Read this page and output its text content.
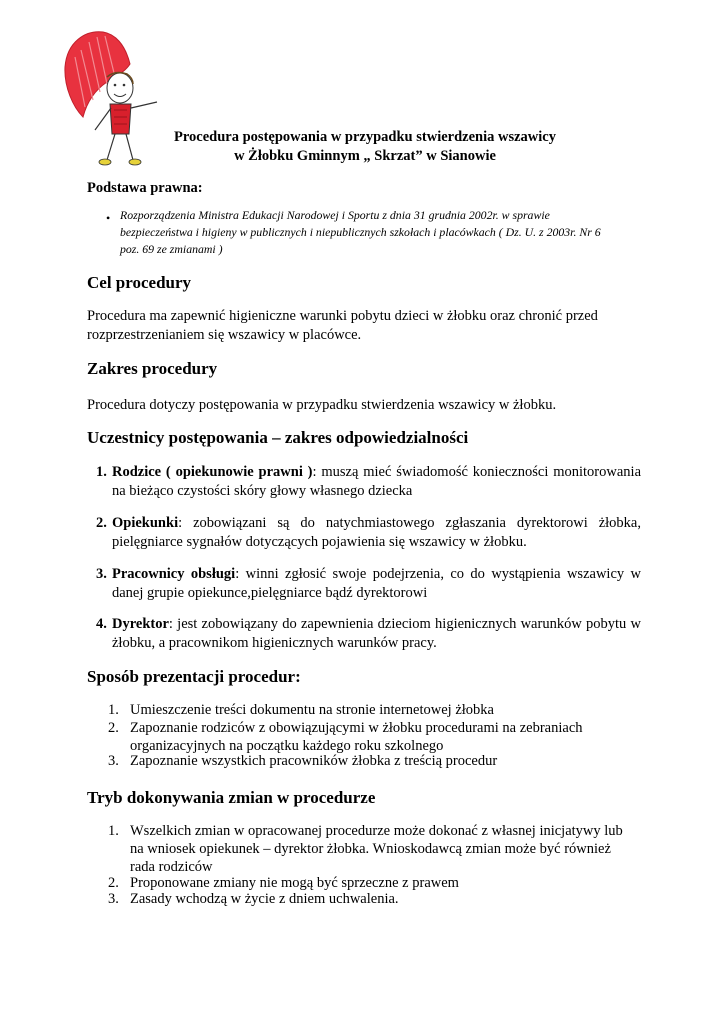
Procedura postępowania w przypadku stwierdzenia wszawicy
w Żłobku Gminnym „ Skrzat” w Sianowie
Podstawa prawna:
• Rozporządzenia Ministra Edukacji Narodowej i Sportu z dnia 31 grudnia 2002r. w sprawie bezpieczeństwa i higieny w publicznych i niepublicznych szkołach i placówkach ( Dz. U. z 2003r. Nr 6 poz. 69 ze zmianami )
Cel procedury
Procedura ma zapewnić higieniczne warunki pobytu dzieci w żłobku oraz chronić przed rozprzestrzenianiem się wszawicy w placówce.
Zakres procedury
Procedura dotyczy postępowania w przypadku stwierdzenia wszawicy w żłobku.
Uczestnicy postępowania – zakres odpowiedzialności
1. Rodzice ( opiekunowie prawni ): muszą mieć świadomość konieczności monitorowania na bieżąco czystości skóry głowy własnego dziecka
2. Opiekunki: zobowiązani są do natychmiastowego zgłaszania dyrektorowi żłobka, pielęgniarce sygnałów dotyczących pojawienia się wszawicy w żłobku.
3. Pracownicy obsługi: winni zgłosić swoje podejrzenia, co do wystąpienia wszawicy w danej grupie opiekunce,pielęgniarce bądź dyrektorowi
4. Dyrektor: jest zobowiązany do zapewnienia dzieciom higienicznych warunków pobytu w żłobku, a pracownikom higienicznych warunków pracy.
Sposób prezentacji procedur:
1. Umieszczenie treści dokumentu na stronie internetowej żłobka
2. Zapoznanie rodziców z obowiązującymi w żłobku procedurami na zebraniach organizacyjnych na początku każdego roku szkolnego
3. Zapoznanie wszystkich pracowników żłobka z treścią procedur
Tryb dokonywania zmian w procedurze
1. Wszelkich zmian w opracowanej procedurze może dokonać z własnej inicjatywy lub na wniosek opiekunek – dyrektor żłobka. Wnioskodawcą zmian może być również rada rodziców
2. Proponowane zmiany nie mogą być sprzeczne z prawem
3. Zasady wchodzą w życie z dniem uchwalenia.
